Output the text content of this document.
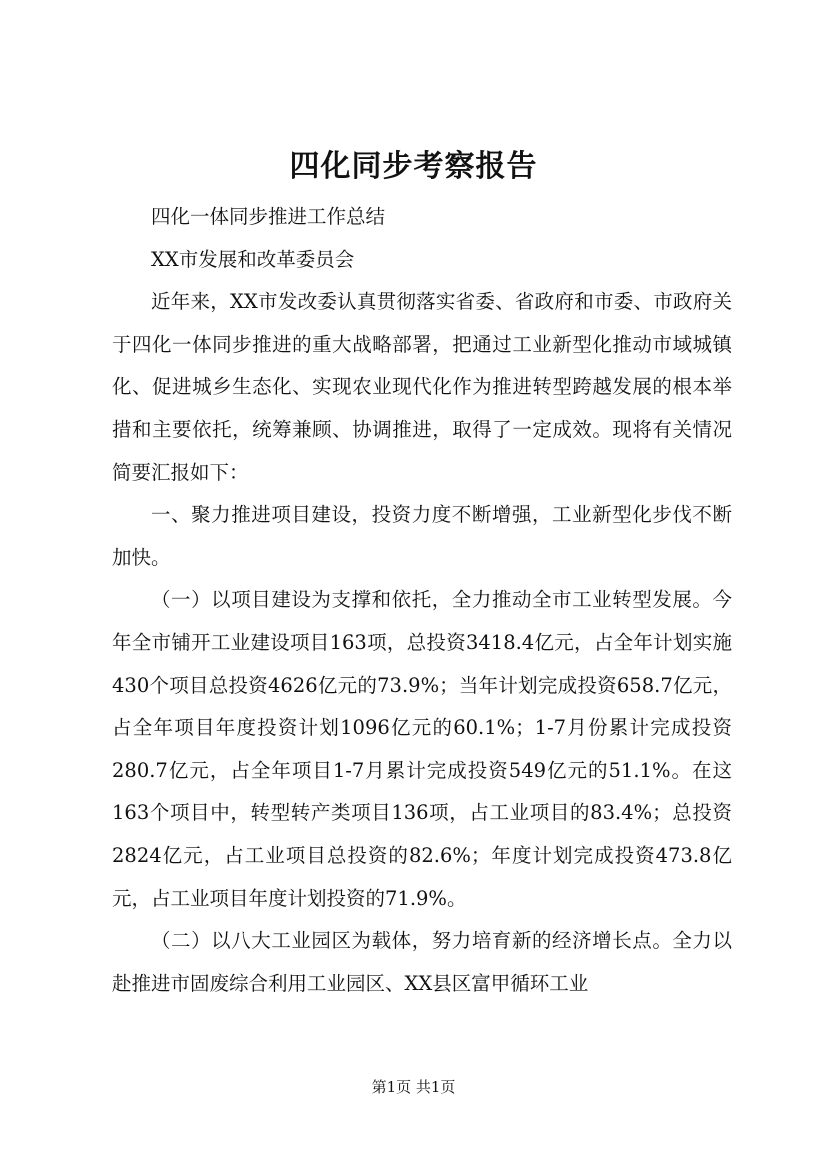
四化同步考察报告

四化一体同步推进工作总结

XX市发展和改革委员会

近年来，XX市发改委认真贯彻落实省委、省政府和市委、市政府关于四化一体同步推进的重大战略部署，把通过工业新型化推动市域城镇化、促进城乡生态化、实现农业现代化作为推进转型跨越发展的根本举措和主要依托，统筹兼顾、协调推进，取得了一定成效。现将有关情况简要汇报如下：

一、聚力推进项目建设，投资力度不断增强，工业新型化步伐不断加快。

（一）以项目建设为支撑和依托，全力推动全市工业转型发展。今年全市铺开工业建设项目163项，总投资3418.4亿元，占全年计划实施430个项目总投资4626亿元的73.9%；当年计划完成投资658.7亿元，占全年项目年度投资计划1096亿元的60.1%；1-7月份累计完成投资280.7亿元，占全年项目1-7月累计完成投资549亿元的51.1%。在这163个项目中，转型转产类项目136项，占工业项目的83.4%；总投资2824亿元，占工业项目总投资的82.6%；年度计划完成投资473.8亿元，占工业项目年度计划投资的71.9%。

（二）以八大工业园区为载体，努力培育新的经济增长点。全力以赴推进市固废综合利用工业园区、XX县区富甲循环工业

第1页 共1页
